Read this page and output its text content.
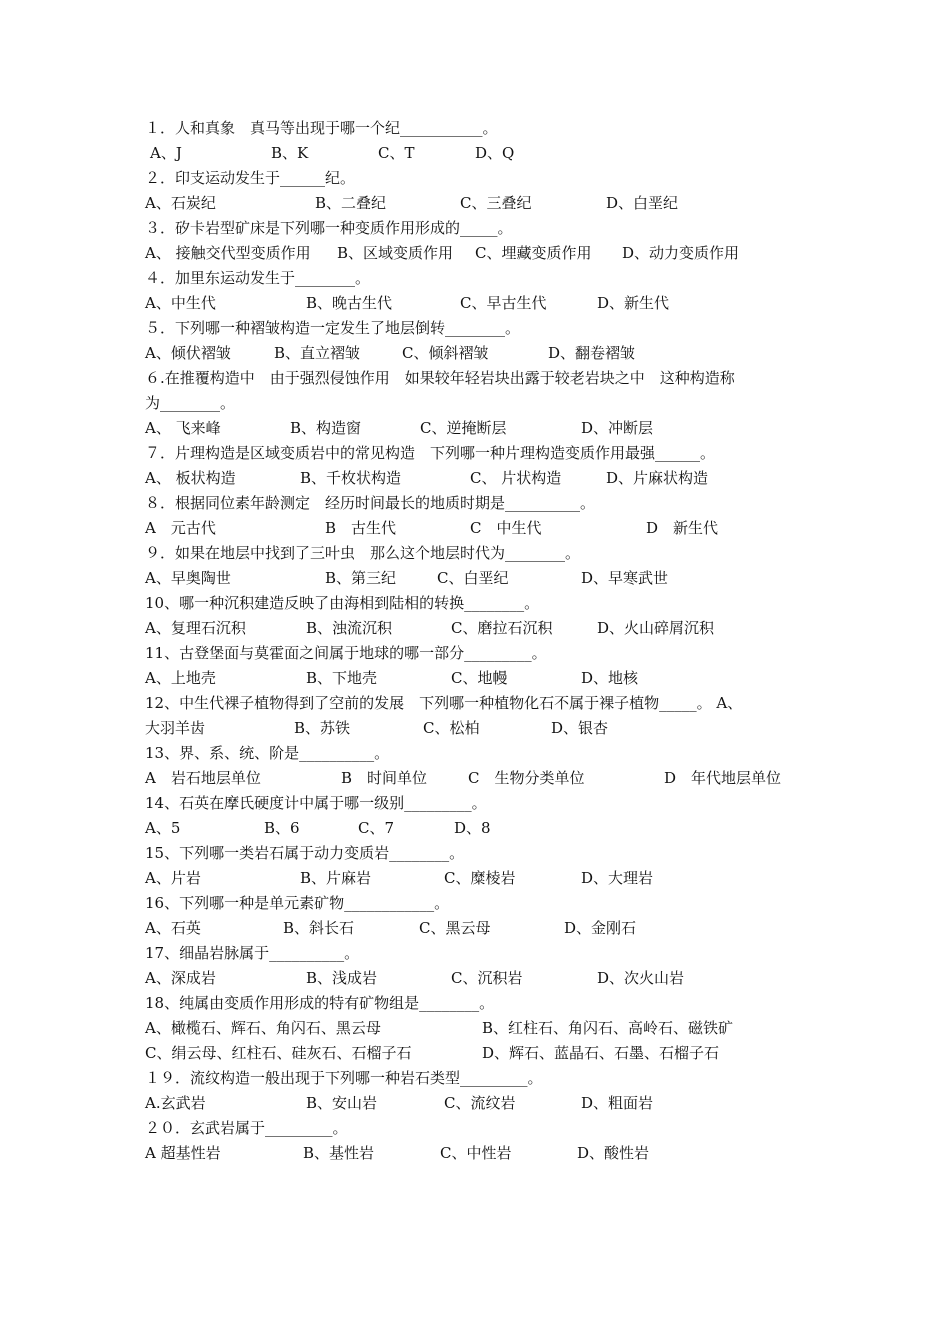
１．人和真象　真马等出现于哪一个纪___________。

A、J

	B、K

	C、T

	D、Q

２．印支运动发生于______纪。

A、石炭纪

	B、二叠纪

	C、三叠纪

	D、白垩纪

３．矽卡岩型矿床是下列哪一种变质作用形成的_____。

A、 接触交代型变质作用

B、区域变质作用

C、埋藏变质作用

D、动力变质作用

４．加里东运动发生于________。

A、中生代

	B、晚古生代

	C、早古生代

	D、新生代

５．下列哪一种褶皱构造一定发生了地层倒转________。

A、倾伏褶皱

	B、直立褶皱

	C、倾斜褶皱

	D、翻卷褶皱

６.在推覆构造中　由于强烈侵蚀作用　如果较年轻岩块出露于较老岩块之中　这种构造称

为________。

A、 飞来峰

	B、构造窗

	C、逆掩断层

	D、冲断层

７．片理构造是区域变质岩中的常见构造　下列哪一种片理构造变质作用最强______。

A、 板状构造

	B、千枚状构造

	C、 片状构造

	D、片麻状构造

８．根据同位素年龄测定　经历时间最长的地质时期是__________。

A　元古代

	B　古生代

	C　中生代

	D　新生代

９．如果在地层中找到了三叶虫　那么这个地层时代为________。

A、早奥陶世

	B、第三纪

	C、白垩纪

	D、早寒武世

10、哪一种沉积建造反映了由海相到陆相的转换________。

A、复理石沉积

	B、浊流沉积

	C、磨拉石沉积

	D、火山碎屑沉积

11、古登堡面与莫霍面之间属于地球的哪一部分_________。

A、上地壳

	B、下地壳

	C、地幔

	D、地核

12、中生代裸子植物得到了空前的发展　下列哪一种植物化石不属于裸子植物_____。 A、

大羽羊齿

	B、苏铁

	C、松柏

	D、银杏

13、界、系、统、阶是__________。

A　岩石地层单位

	B　时间单位

	C　生物分类单位

	D　年代地层单位

14、石英在摩氏硬度计中属于哪一级别_________。

A、5

	B、6

	C、7

	D、8

15、下列哪一类岩石属于动力变质岩________。

A、片岩

	B、片麻岩

	C、糜棱岩

	D、大理岩

16、下列哪一种是单元素矿物____________。

A、石英

	B、斜长石

	C、黑云母

	D、金刚石

17、细晶岩脉属于__________。

A、深成岩

	B、浅成岩

	C、沉积岩

	D、次火山岩

18、纯属由变质作用形成的特有矿物组是________。

A、橄榄石、辉石、角闪石、黑云母

	B、红柱石、角闪石、高岭石、磁铁矿

C、绢云母、红柱石、硅灰石、石榴子石

	D、辉石、蓝晶石、石墨、石榴子石

１９．流纹构造一般出现于下列哪一种岩石类型_________。

A.玄武岩

	B、安山岩

	C、流纹岩

	D、粗面岩

２０．玄武岩属于_________。

A 超基性岩

	B、基性岩

	C、中性岩

	D、酸性岩
